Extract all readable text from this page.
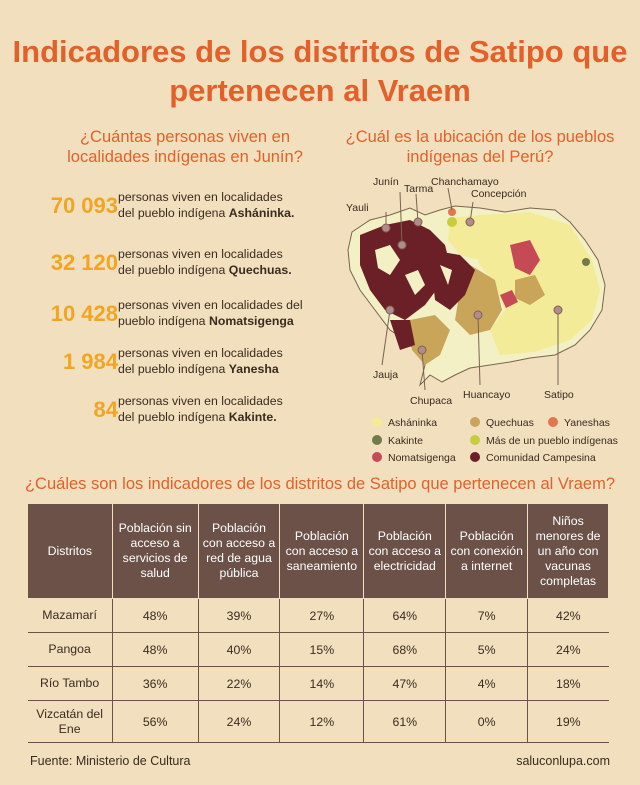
Indicadores de los distritos de Satipo que
pertenecen al Vraem
¿Cuántas personas viven en
localidades indígenas en Junín?
¿Cuál es la ubicación de los pueblos
indígenas del Perú?
70 093 personas viven en localidades
del pueblo indígena Asháninka.
32 120 personas viven en localidades
del pueblo indígena Quechuas.
10 428 personas viven en localidades del
pueblo indígena Nomatsigenga
1 984 personas viven en localidades
del pueblo indígena Yanesha
84 personas viven en localidades
del pueblo indígena Kakinte.
Junín
Tarma
Chanchamayo
Concepción
Yauli
Jauja
Chupaca Huancayo	Satipo
Asháninka	Quechuas	Yaneshas
Kakinte	Más de un pueblo indígenas
Nomatsigenga	Comunidad Campesina
¿Cuáles son los indicadores de los distritos de Satipo que pertenecen al Vraem?
Distritos	Población sin acceso a servicios de salud	Población con acceso a red de agua pública	Población con acceso a saneamiento	Población con acceso a electricidad	Población con conexión a internet	Niños menores de un año con vacunas completas
Mazamarí	48%	39%	27%	64%	7%	42%
Pangoa	48%	40%	15%	68%	5%	24%
Río Tambo	36%	22%	14%	47%	4%	18%
Vizcatán del Ene	56%	24%	12%	61%	0%	19%
Fuente: Ministerio de Cultura	saluconlupa.com
